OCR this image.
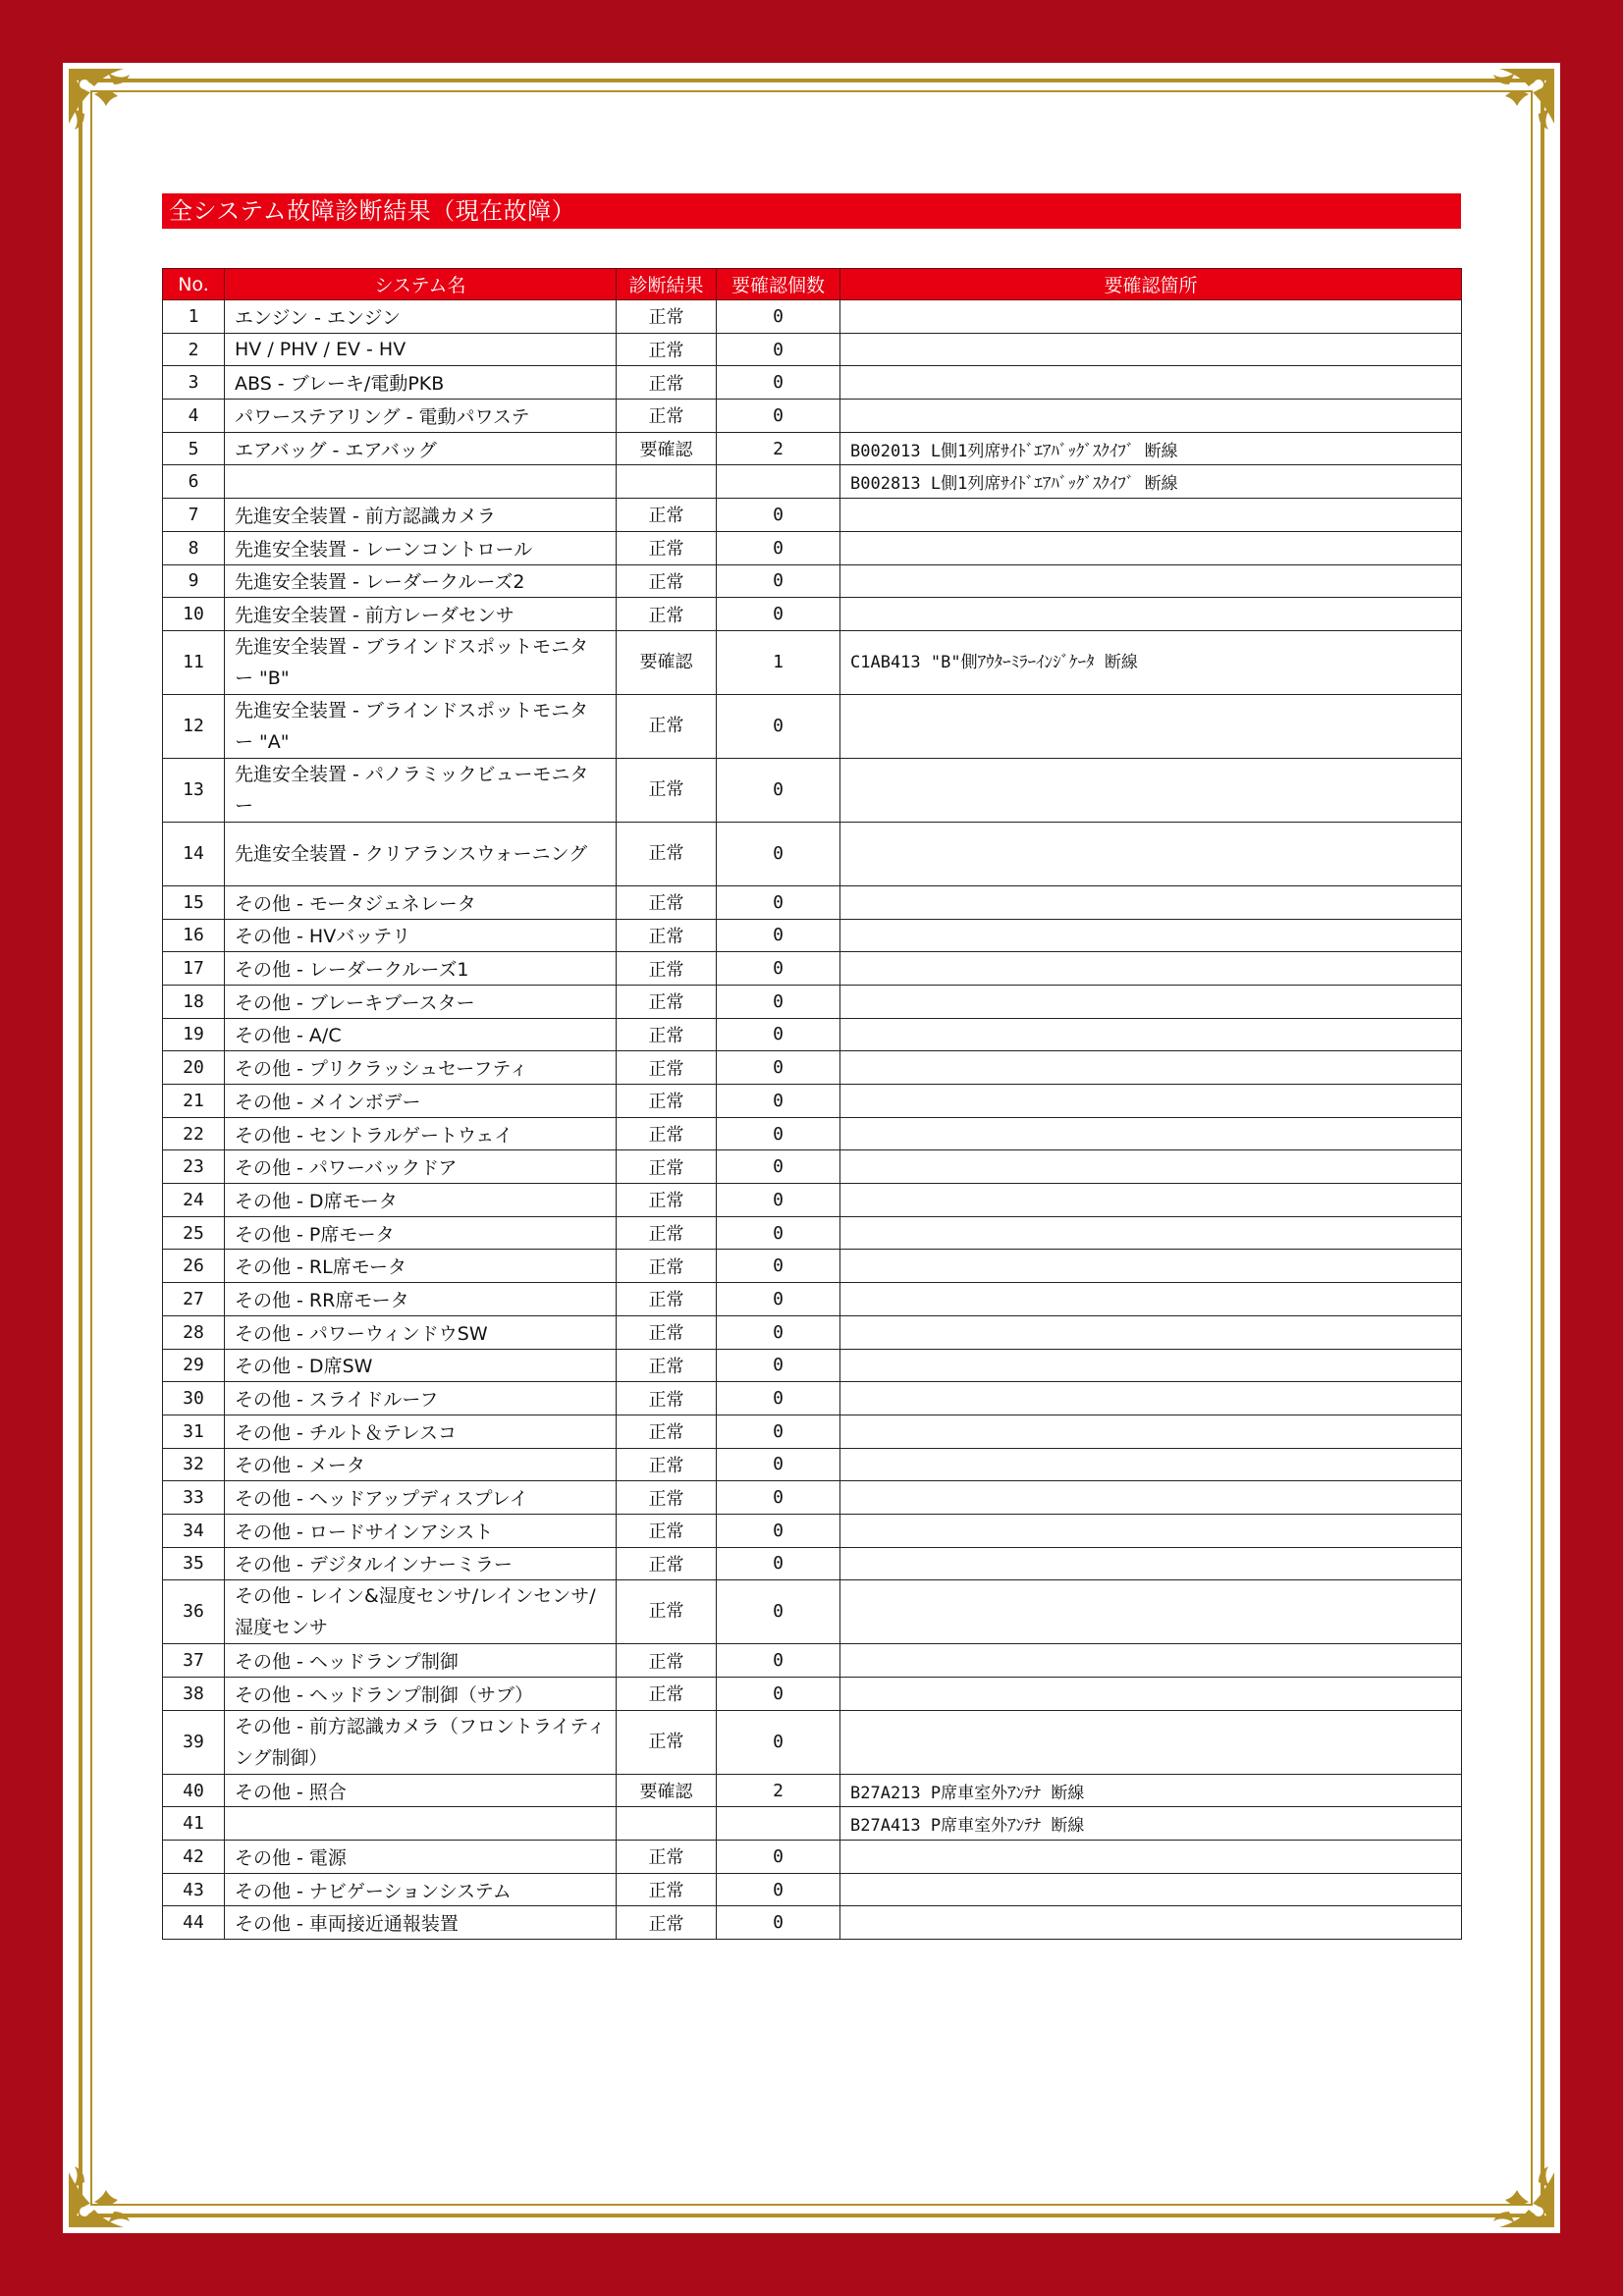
全システム故障診断結果（現在故障）
No.	システム名	診断結果	要確認個数	要確認箇所
1	エンジン - エンジン	正常	0	
2	HV / PHV / EV - HV	正常	0	
3	ABS - ブレーキ/電動PKB	正常	0	
4	パワーステアリング - 電動パワステ	正常	0	
5	エアバッグ - エアバッグ	要確認	2	B002013 L側1列席ｻｲﾄﾞｴｱﾊﾞｯｸﾞｽｸｲﾌﾞ 断線
6				B002813 L側1列席ｻｲﾄﾞｴｱﾊﾞｯｸﾞｽｸｲﾌﾞ 断線
7	先進安全装置 - 前方認識カメラ	正常	0	
8	先進安全装置 - レーンコントロール	正常	0	
9	先進安全装置 - レーダークルーズ2	正常	0	
10	先進安全装置 - 前方レーダセンサ	正常	0	
11	先進安全装置 - ブラインドスポットモニター "B"	要確認	1	C1AB413 "B"側ｱｳﾀｰﾐﾗｰｲﾝｼﾞｹｰﾀ 断線
12	先進安全装置 - ブラインドスポットモニター "A"	正常	0	
13	先進安全装置 - パノラミックビューモニター	正常	0	
14	先進安全装置 - クリアランスウォーニング	正常	0	
15	その他 - モータジェネレータ	正常	0	
16	その他 - HVバッテリ	正常	0	
17	その他 - レーダークルーズ1	正常	0	
18	その他 - ブレーキブースター	正常	0	
19	その他 - A/C	正常	0	
20	その他 - プリクラッシュセーフティ	正常	0	
21	その他 - メインボデー	正常	0	
22	その他 - セントラルゲートウェイ	正常	0	
23	その他 - パワーバックドア	正常	0	
24	その他 - D席モータ	正常	0	
25	その他 - P席モータ	正常	0	
26	その他 - RL席モータ	正常	0	
27	その他 - RR席モータ	正常	0	
28	その他 - パワーウィンドウSW	正常	0	
29	その他 - D席SW	正常	0	
30	その他 - スライドルーフ	正常	0	
31	その他 - チルト＆テレスコ	正常	0	
32	その他 - メータ	正常	0	
33	その他 - ヘッドアップディスプレイ	正常	0	
34	その他 - ロードサインアシスト	正常	0	
35	その他 - デジタルインナーミラー	正常	0	
36	その他 - レイン&湿度センサ/レインセンサ/湿度センサ	正常	0	
37	その他 - ヘッドランプ制御	正常	0	
38	その他 - ヘッドランプ制御（サブ）	正常	0	
39	その他 - 前方認識カメラ（フロントライティング制御）	正常	0	
40	その他 - 照合	要確認	2	B27A213 P席車室外ｱﾝﾃﾅ 断線
41				B27A413 P席車室外ｱﾝﾃﾅ 断線
42	その他 - 電源	正常	0	
43	その他 - ナビゲーションシステム	正常	0	
44	その他 - 車両接近通報装置	正常	0	
